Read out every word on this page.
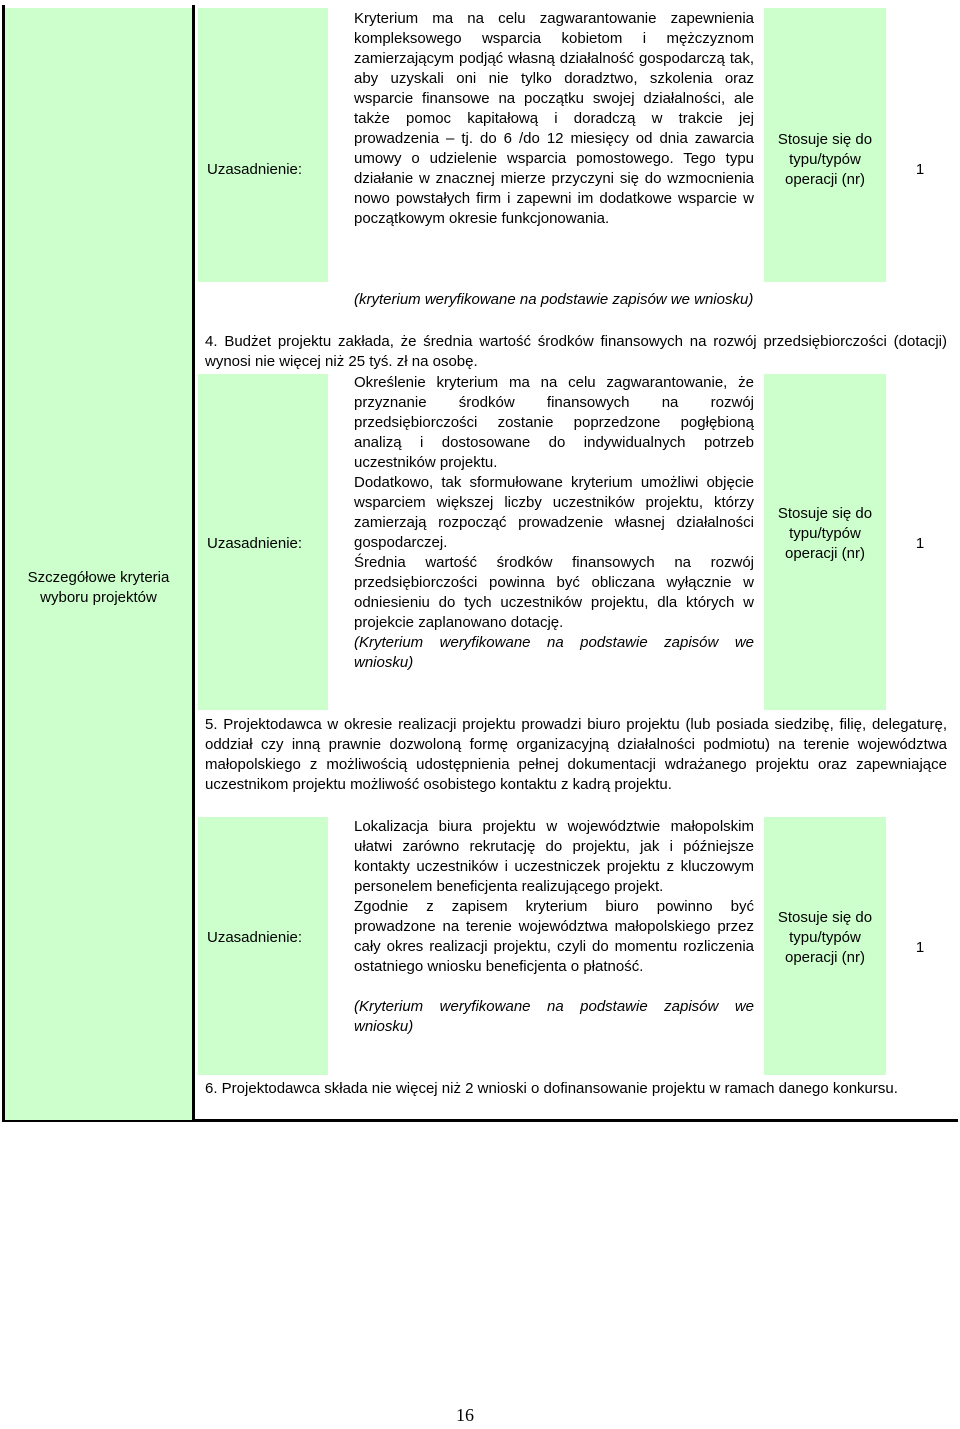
Szczegółowe kryteria wyboru projektów
Uzasadnienie:
Kryterium ma na celu zagwarantowanie zapewnienia kompleksowego wsparcia kobietom i mężczyznom zamierzającym podjąć własną działalność gospodarczą tak, aby uzyskali oni nie tylko doradztwo, szkolenia oraz wsparcie finansowe na początku swojej działalności, ale także pomoc kapitałową i doradczą w trakcie jej prowadzenia – tj. do 6 /do 12 miesięcy od dnia zawarcia umowy o udzielenie wsparcia pomostowego. Tego typu działanie w znacznej mierze przyczyni się do wzmocnienia nowo powstałych firm i zapewni im dodatkowe wsparcie w początkowym okresie funkcjonowania.
Stosuje się do typu/typów operacji (nr)
1
(kryterium weryfikowane na podstawie zapisów we wniosku)
4. Budżet projektu zakłada, że średnia wartość środków finansowych na rozwój przedsiębiorczości (dotacji) wynosi nie więcej niż 25 tyś. zł na osobę.
Uzasadnienie:
Określenie kryterium ma na celu zagwarantowanie, że przyznanie środków finansowych na rozwój przedsiębiorczości zostanie poprzedzone pogłębioną analizą i dostosowane do indywidualnych potrzeb uczestników projektu.
Dodatkowo, tak sformułowane kryterium umożliwi objęcie wsparciem większej liczby uczestników projektu, którzy zamierzają rozpocząć prowadzenie własnej działalności gospodarczej.
Średnia wartość środków finansowych na rozwój przedsiębiorczości powinna być obliczana wyłącznie w odniesieniu do tych uczestników projektu, dla których w projekcie zaplanowano dotację.
(Kryterium weryfikowane na podstawie zapisów we wniosku)
Stosuje się do typu/typów operacji (nr)
1
5. Projektodawca w okresie realizacji projektu prowadzi biuro projektu (lub posiada siedzibę, filię, delegaturę, oddział czy inną prawnie dozwoloną formę organizacyjną działalności podmiotu) na terenie województwa małopolskiego z możliwością udostępnienia pełnej dokumentacji wdrażanego projektu oraz zapewniające uczestnikom projektu możliwość osobistego kontaktu z kadrą projektu.
Uzasadnienie:
Lokalizacja biura projektu w województwie małopolskim ułatwi zarówno rekrutację do projektu, jak i późniejsze kontakty uczestników i uczestniczek projektu z kluczowym personelem beneficjenta realizującego projekt.
Zgodnie z zapisem kryterium biuro powinno być prowadzone na terenie województwa małopolskiego przez cały okres realizacji projektu, czyli do momentu rozliczenia ostatniego wniosku beneficjenta o płatność.
(Kryterium weryfikowane na podstawie zapisów we wniosku)
Stosuje się do typu/typów operacji (nr)
1
6. Projektodawca składa nie więcej niż 2 wnioski o dofinansowanie projektu w ramach danego konkursu.
16
